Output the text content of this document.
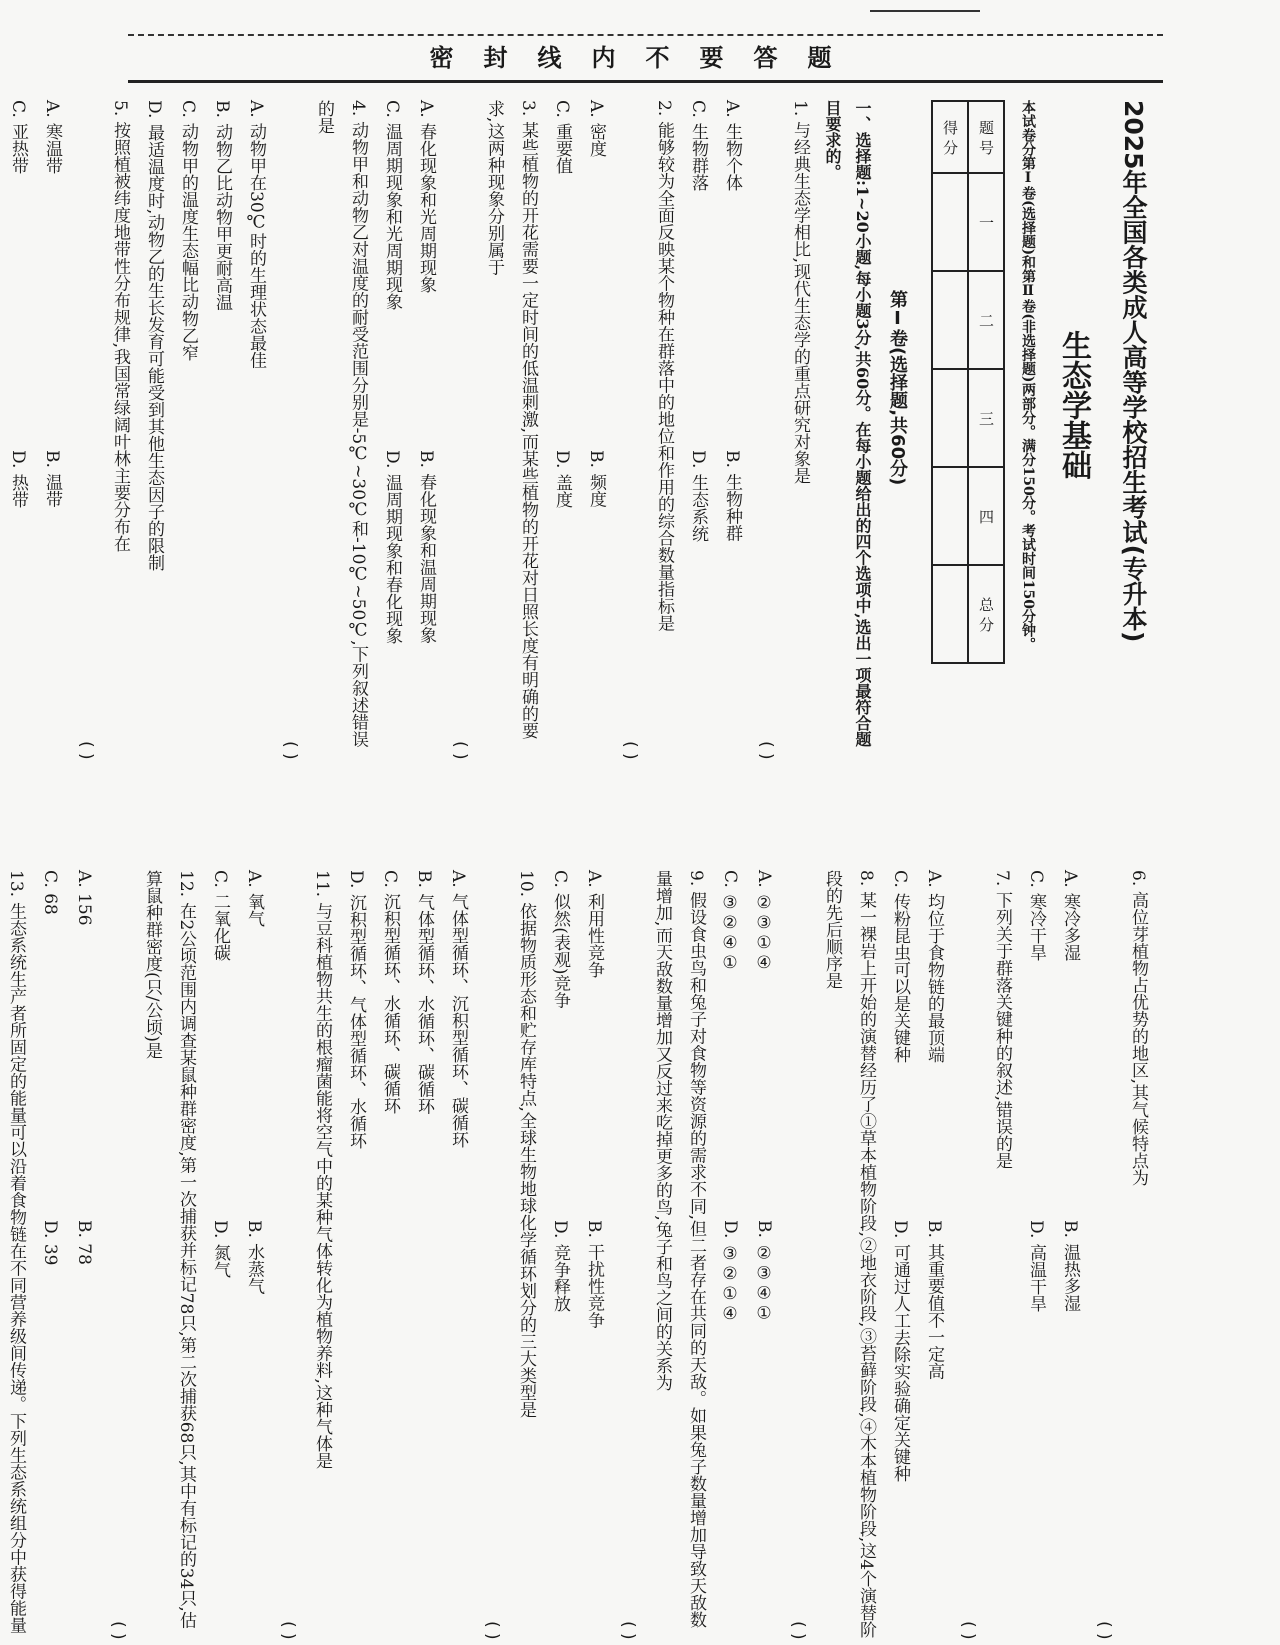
密封线内不要答题
2025年全国各类成人高等学校招生考试(专升本)
生态学基础
本试卷分第Ⅰ卷(选择题)和第Ⅱ卷(非选择题)两部分。满分150分。考试时间150分钟。
题 号	一	二	三	四	总 分
得 分					
第Ⅰ卷(选择题,共60分)
一、选择题:1~20小题,每小题3分,共60分。在每小题给出的四个选项中,选出一项最符合题目要求的。
1. 与经典生态学相比,现代生态学的重点研究对象是
( )
A. 生物个体
B. 生物种群
C. 生物群落
D. 生态系统
2. 能够较为全面反映某个物种在群落中的地位和作用的综合数量指标是
( )
A. 密度
B. 频度
C. 重要值
D. 盖度
3. 某些植物的开花需要一定时间的低温刺激,而某些植物的开花对日照长度有明确的要求,这两种现象分别属于
( )
A. 春化现象和光周期现象
B. 春化现象和温周期现象
C. 温周期现象和光周期现象
D. 温周期现象和春化现象
4. 动物甲和动物乙对温度的耐受范围分别是-5℃~30℃和-10℃~50℃,下列叙述错误的是
( )
A. 动物甲在30℃时的生理状态最佳
B. 动物乙比动物甲更耐高温
C. 动物甲的温度生态幅比动物乙窄
D. 最适温度时,动物乙的生长发育可能受到其他生态因子的限制
5. 按照植被纬度地带性分布规律,我国常绿阔叶林主要分布在
( )
A. 寒温带
B. 温带
C. 亚热带
D. 热带
6. 高位芽植物占优势的地区,其气候特点为
( )
A. 寒冷多湿
B. 温热多湿
C. 寒冷干旱
D. 高温干旱
7. 下列关于群落关键种的叙述,错误的是
( )
A. 均位于食物链的最顶端
B. 其重要值不一定高
C. 传粉昆虫可以是关键种
D. 可通过人工去除实验确定关键种
8. 某一裸岩上开始的演替经历了①草本植物阶段,②地衣阶段,③苔藓阶段,④木本植物阶段,这4个演替阶段的先后顺序是
( )
A. ②③①④
B. ②③④①
C. ③②④①
D. ③②①④
9. 假设食虫鸟和兔子对食物等资源的需求不同,但二者存在共同的天敌。如果兔子数量增加导致天敌数量增加,而天敌数量增加又反过来吃掉更多的鸟,兔子和鸟之间的关系为
( )
A. 利用性竞争
B. 干扰性竞争
C. 似然(表观)竞争
D. 竞争释放
10. 依据物质形态和贮存库特点,全球生物地球化学循环划分的三大类型是
( )
A. 气体型循环、沉积型循环、碳循环
B. 气体型循环、水循环、碳循环
C. 沉积型循环、水循环、碳循环
D. 沉积型循环、气体型循环、水循环
11. 与豆科植物共生的根瘤菌能将空气中的某种气体转化为植物养料,这种气体是
( )
A. 氧气
B. 水蒸气
C. 二氧化碳
D. 氮气
12. 在2公顷范围内调查某鼠种群密度,第一次捕获并标记78只,第二次捕获68只,其中有标记的34只,估算鼠种群密度(只/公顷)是
( )
A. 156
B. 78
C. 68
D. 39
13. 生态系统生产者所固定的能量可以沿着食物链在不同营养级间传递。下列生态系统组分中获得能量
